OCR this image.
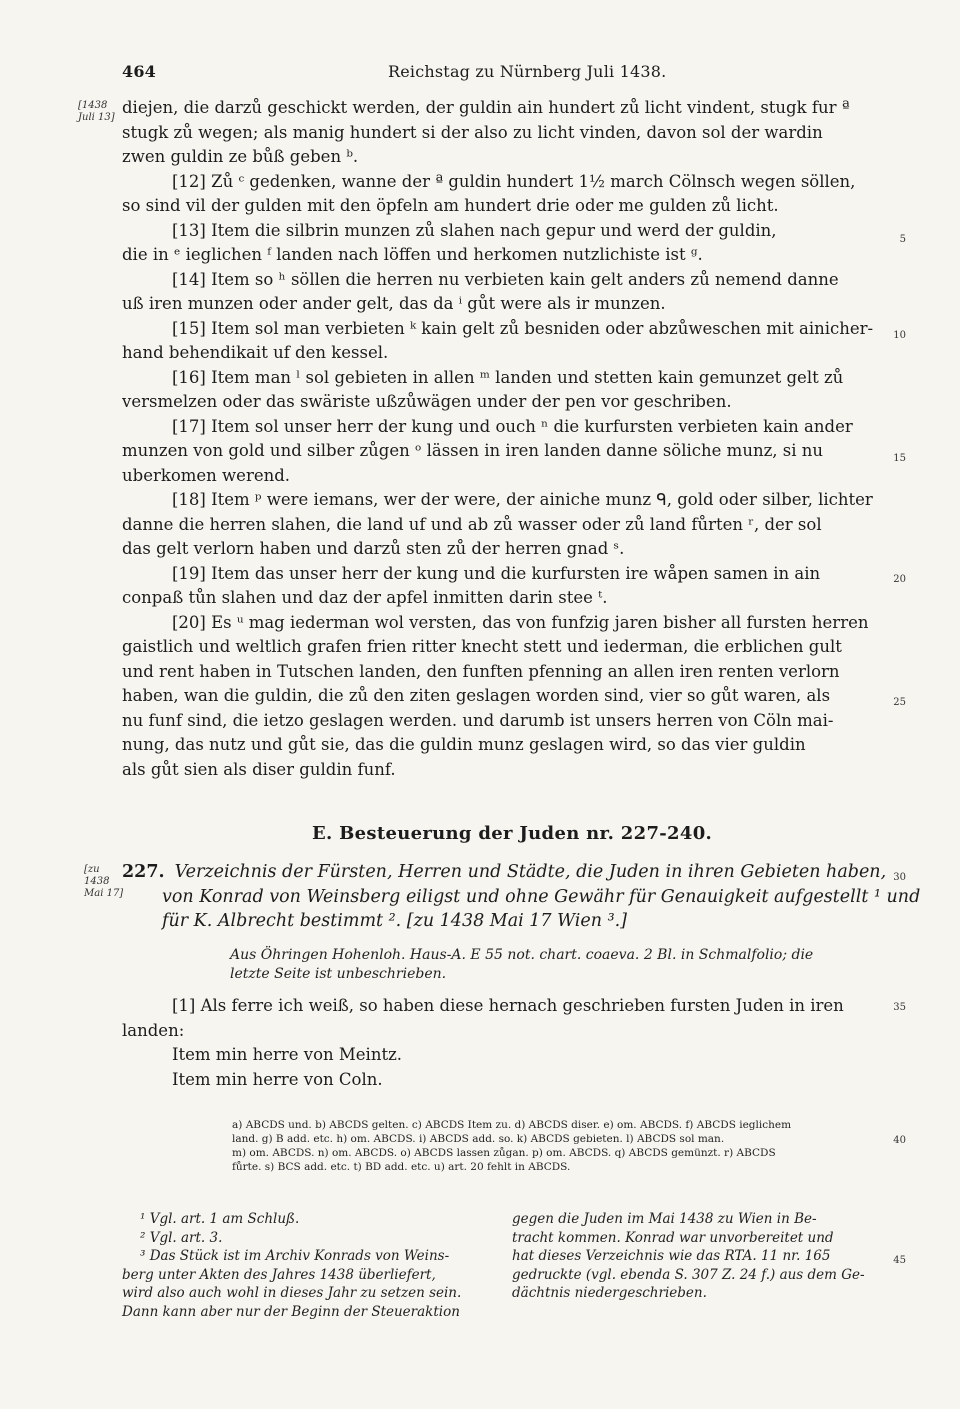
464	Reichstag zu Nürnberg Juli 1438.
[1438
Juli 13]
[zu
1438
Mai 17]
5
10
15
20
25
30
35
40
45
diejen, die darzů geschickt werden, der guldin ain hundert zů licht vindent, stugk fur ª
stugk zů wegen; als manig hundert si der also zu licht vinden, davon sol der wardin
zwen guldin ze bůß geben ᵇ.
[12] Zů ᶜ gedenken, wanne der ª guldin hundert 1½ march Cölnsch wegen söllen,
so sind vil der gulden mit den öpfeln am hundert drie oder me gulden zů licht.
[13] Item die silbrin munzen zů slahen nach gepur und werd der guldin,
die in ᵉ ieglichen ᶠ landen nach löffen und herkomen nutzlichiste ist ᵍ.
[14] Item so ʰ söllen die herren nu verbieten kain gelt anders zů nemend danne
uß iren munzen oder ander gelt, das da ⁱ gůt were als ir munzen.
[15] Item sol man verbieten ᵏ kain gelt zů besniden oder abzůweschen mit ainicher-
hand behendikait uf den kessel.
[16] Item man ˡ sol gebieten in allen ᵐ landen und stetten kain gemunzet gelt zů
versmelzen oder das swäriste ußzůwägen under der pen vor geschriben.
[17] Item sol unser herr der kung und ouch ⁿ die kurfursten verbieten kain ander
munzen von gold und silber zůgen ᵒ lässen in iren landen danne söliche munz, si nu
uberkomen werend.
[18] Item ᵖ were iemans, wer der were, der ainiche munz ᑫ, gold oder silber, lichter
danne die herren slahen, die land uf und ab zů wasser oder zů land fůrten ʳ, der sol
das gelt verlorn haben und darzů sten zů der herren gnad ˢ.
[19] Item das unser herr der kung und die kurfursten ire wåpen samen in ain
conpaß tůn slahen und daz der apfel inmitten darin stee ᵗ.
[20] Es ᵘ mag iederman wol versten, das von funfzig jaren bisher all fursten herren
gaistlich und weltlich grafen frien ritter knecht stett und iederman, die erblichen gult
und rent haben in Tutschen landen, den funften pfenning an allen iren renten verlorn
haben, wan die guldin, die zů den ziten geslagen worden sind, vier so gůt waren, als
nu funf sind, die ietzo geslagen werden. und darumb ist unsers herren von Cöln mai-
nung, das nutz und gůt sie, das die guldin munz geslagen wird, so das vier guldin
als gůt sien als diser guldin funf.
E. Besteuerung der Juden nr. 227-240.
227. Verzeichnis der Fürsten, Herren und Städte, die Juden in ihren Gebieten haben,
von Konrad von Weinsberg eiligst und ohne Gewähr für Genauigkeit aufgestellt ¹ und
für K. Albrecht bestimmt ². [zu 1438 Mai 17 Wien ³.]
Aus Öhringen Hohenloh. Haus-A. E 55 not. chart. coaeva. 2 Bl. in Schmalfolio; die
letzte Seite ist unbeschrieben.
[1] Als ferre ich weiß, so haben diese hernach geschrieben fursten Juden in iren
landen:
Item min herre von Meintz.
Item min herre von Coln.
a) ABCDS und. b) ABCDS gelten. c) ABCDS Item zu. d) ABCDS diser. e) om. ABCDS. f) ABCDS ieglichem
land. g) B add. etc. h) om. ABCDS. i) ABCDS add. so. k) ABCDS gebieten. l) ABCDS sol man.
m) om. ABCDS. n) om. ABCDS. o) ABCDS lassen zůgan. p) om. ABCDS. q) ABCDS gemünzt. r) ABCDS
fůrte. s) BCS add. etc. t) BD add. etc. u) art. 20 fehlt in ABCDS.
¹ Vgl. art. 1 am Schluß.
² Vgl. art. 3.
³ Das Stück ist im Archiv Konrads von Weins-
berg unter Akten des Jahres 1438 überliefert,
wird also auch wohl in dieses Jahr zu setzen sein.
Dann kann aber nur der Beginn der Steueraktion
gegen die Juden im Mai 1438 zu Wien in Be-
tracht kommen. Konrad war unvorbereitet und
hat dieses Verzeichnis wie das RTA. 11 nr. 165
gedruckte (vgl. ebenda S. 307 Z. 24 f.) aus dem Ge-
dächtnis niedergeschrieben.
